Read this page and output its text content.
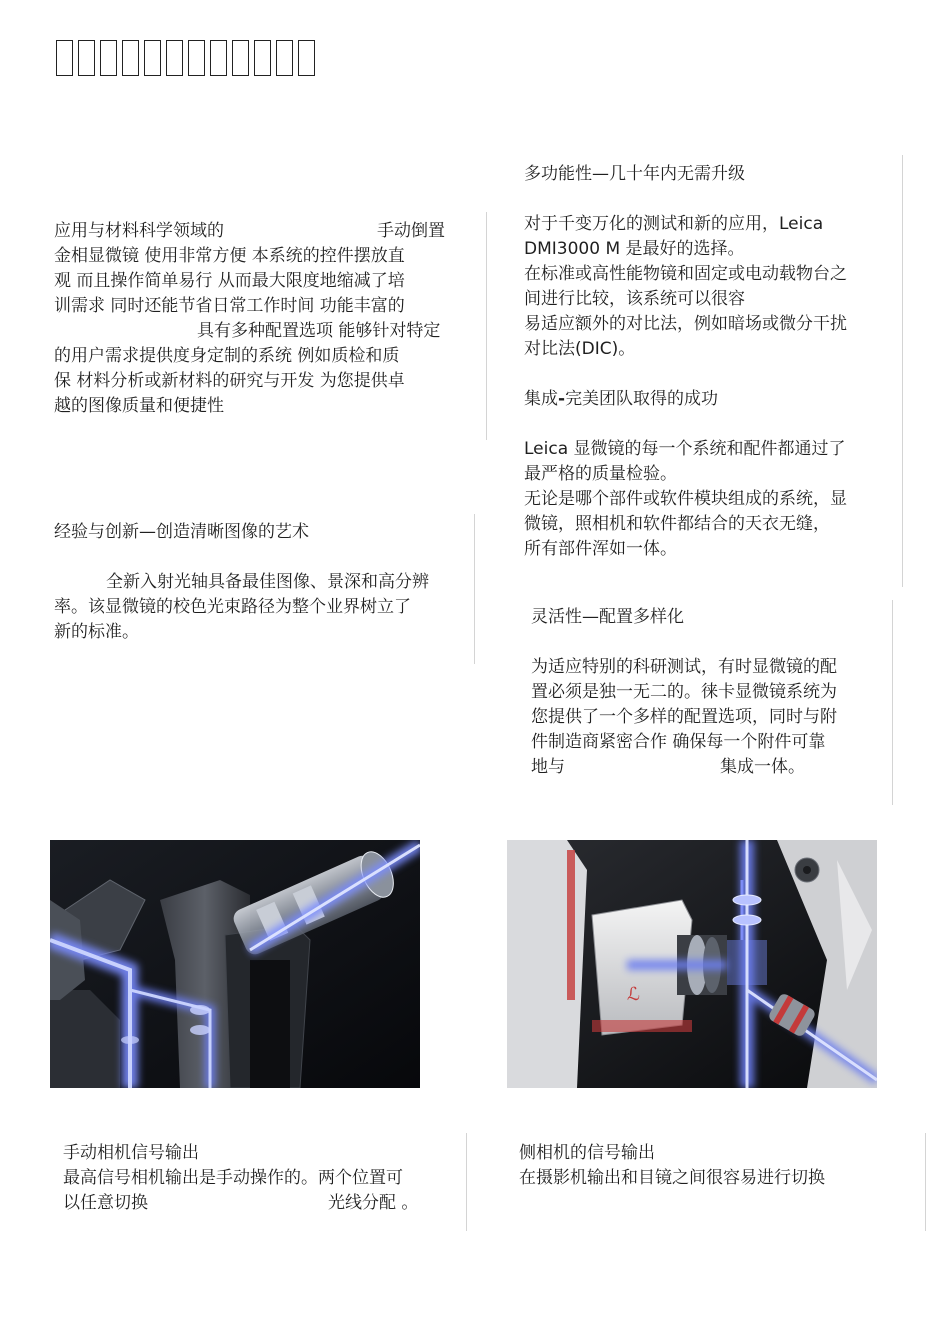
应用与材料科学领域的	手动倒置

金相显微镜 使用非常方便 本系统的控件摆放直

观 而且操作简单易行 从而最大限度地缩减了培

训需求 同时还能节省日常工作时间 功能丰富的

具有多种配置选项 能够针对特定

的用户需求提供度身定制的系统 例如质检和质

保 材料分析或新材料的研究与开发 为您提供卓

越的图像质量和便捷性

经验与创新—创造清晰图像的艺术

全新入射光轴具备最佳图像、景深和高分辨

率。该显微镜的校色光束路径为整个业界树立了

新的标准。

多功能性—几十年内无需升级

对于千变万化的测试和新的应用，Leica

DMI3000 M 是最好的选择。

在标准或高性能物镜和固定或电动载物台之

间进行比较，该系统可以很容

易适应额外的对比法，例如暗场或微分干扰

对比法(DIC)。

集成-完美团队取得的成功

Leica 显微镜的每一个系统和配件都通过了

最严格的质量检验。

无论是哪个部件或软件模块组成的系统，显

微镜，照相机和软件都结合的天衣无缝，

所有部件浑如一体。

灵活性—配置多样化

为适应特别的科研测试，有时显微镜的配

置必须是独一无二的。徕卡显微镜系统为

您提供了一个多样的配置选项，同时与附

件制造商紧密合作 确保每一个附件可靠

地与	集成一体。

ℒ

手动相机信号输出

最高信号相机输出是手动操作的。两个位置可

以任意切换	光线分配 。

侧相机的信号输出

在摄影机输出和目镜之间很容易进行切换
